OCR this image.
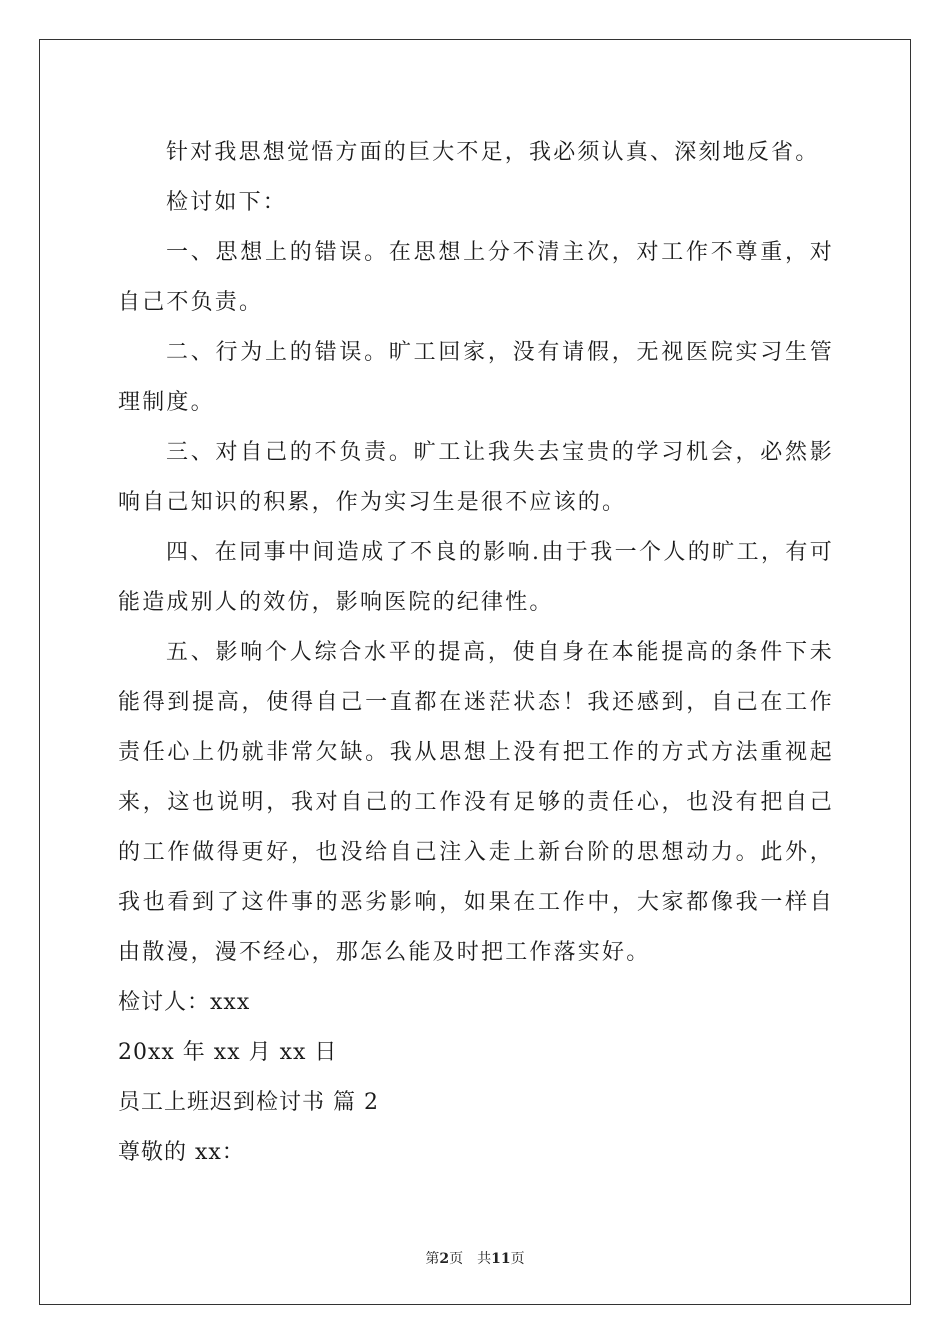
针对我思想觉悟方面的巨大不足，我必须认真、深刻地反省。

检讨如下：

一、思想上的错误。在思想上分不清主次，对工作不尊重，对自己不负责。

二、行为上的错误。旷工回家，没有请假，无视医院实习生管理制度。

三、对自己的不负责。旷工让我失去宝贵的学习机会，必然影响自己知识的积累，作为实习生是很不应该的。

四、在同事中间造成了不良的影响.由于我一个人的旷工，有可能造成别人的效仿，影响医院的纪律性。

五、影响个人综合水平的提高，使自身在本能提高的条件下未能得到提高，使得自己一直都在迷茫状态！我还感到，自己在工作责任心上仍就非常欠缺。我从思想上没有把工作的方式方法重视起来，这也说明，我对自己的工作没有足够的责任心，也没有把自己的工作做得更好，也没给自己注入走上新台阶的思想动力。此外，我也看到了这件事的恶劣影响，如果在工作中，大家都像我一样自由散漫，漫不经心，那怎么能及时把工作落实好。

检讨人：xxx

20xx 年 xx 月 xx 日

员工上班迟到检讨书 篇 2

尊敬的 xx：

第2页　共11页
